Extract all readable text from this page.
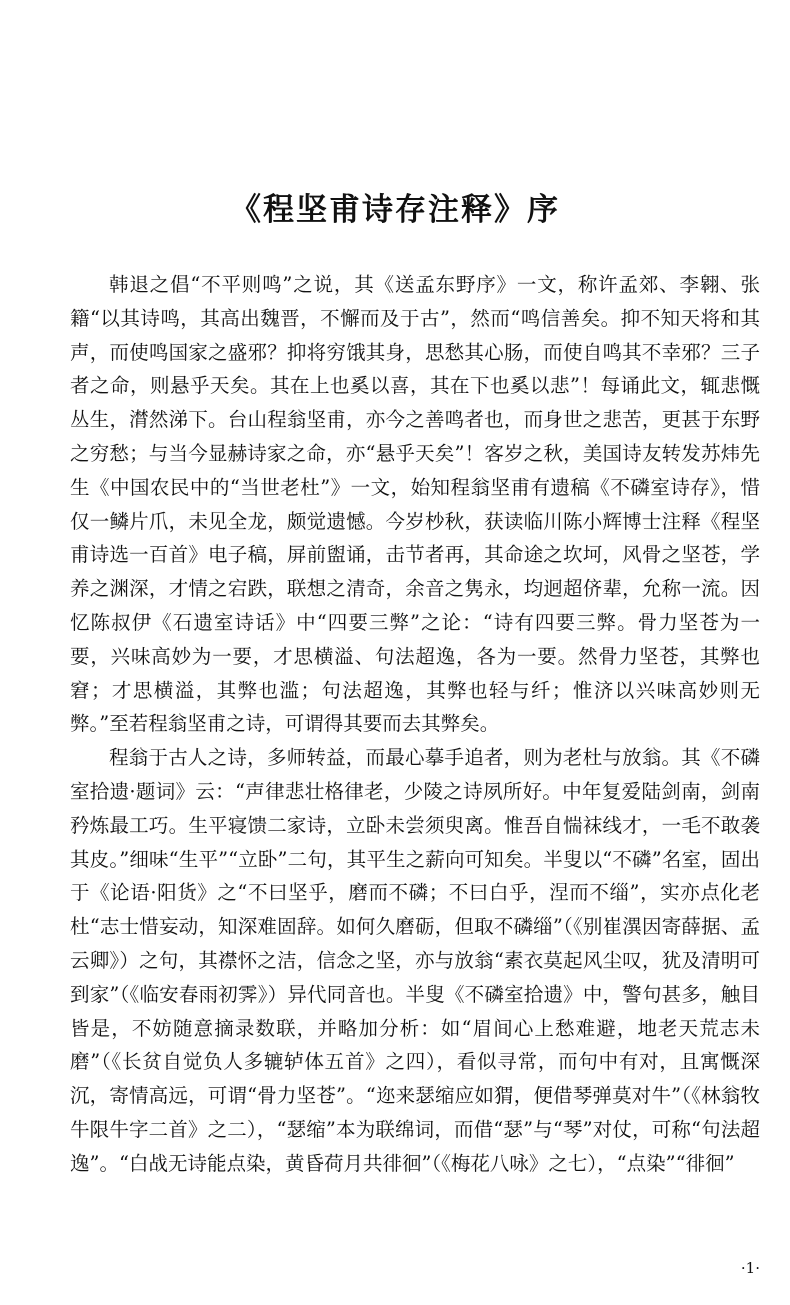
《程坚甫诗存注释》序

韩退之倡“不平则鸣”之说，其《送孟东野序》一文，称许孟郊、李翱、张籍“以其诗鸣，其高出魏晋，不懈而及于古”，然而“鸣信善矣。抑不知天将和其声，而使鸣国家之盛邪？抑将穷饿其身，思愁其心肠，而使自鸣其不幸邪？三子者之命，则悬乎天矣。其在上也奚以喜，其在下也奚以悲”！每诵此文，辄悲慨丛生，潸然涕下。台山程翁坚甫，亦今之善鸣者也，而身世之悲苦，更甚于东野之穷愁；与当今显赫诗家之命，亦“悬乎天矣”！客岁之秋，美国诗友转发苏炜先生《中国农民中的“当世老杜”》一文，始知程翁坚甫有遗稿《不磷室诗存》，惜仅一鳞片爪，未见全龙，颇觉遗憾。今岁杪秋，获读临川陈小辉博士注释《程坚甫诗选一百首》电子稿，屏前盥诵，击节者再，其命途之坎坷，风骨之坚苍，学养之渊深，才情之宕跌，联想之清奇，余音之隽永，均迥超侪辈，允称一流。因忆陈叔伊《石遗室诗话》中“四要三弊”之论：“诗有四要三弊。骨力坚苍为一要，兴味高妙为一要，才思横溢、句法超逸，各为一要。然骨力坚苍，其弊也窘；才思横溢，其弊也滥；句法超逸，其弊也轻与纤；惟济以兴味高妙则无弊。”至若程翁坚甫之诗，可谓得其要而去其弊矣。

程翁于古人之诗，多师转益，而最心摹手追者，则为老杜与放翁。其《不磷室拾遗·题词》云：“声律悲壮格律老，少陵之诗夙所好。中年复爱陆剑南，剑南矜炼最工巧。生平寝馈二家诗，立卧未尝须臾离。惟吾自惴袜线才，一毛不敢袭其皮。”细味“生平”“立卧”二句，其平生之薪向可知矣。半叟以“不磷”名室，固出于《论语·阳货》之“不曰坚乎，磨而不磷；不曰白乎，涅而不缁”，实亦点化老杜“志士惜妄动，知深难固辞。如何久磨砺，但取不磷缁”（《别崔潩因寄薛据、孟云卿》）之句，其襟怀之洁，信念之坚，亦与放翁“素衣莫起风尘叹，犹及清明可到家”（《临安春雨初霁》）异代同音也。半叟《不磷室拾遗》中，警句甚多，触目皆是，不妨随意摘录数联，并略加分析：如“眉间心上愁难避，地老天荒志未磨”（《长贫自觉负人多辘轳体五首》之四），看似寻常，而句中有对，且寓慨深沉，寄情高远，可谓“骨力坚苍”。“迩来瑟缩应如猬，便借琴弹莫对牛”（《林翁牧牛限牛字二首》之二），“瑟缩”本为联绵词，而借“瑟”与“琴”对仗，可称“句法超逸”。“白战无诗能点染，黄昏荷月共徘徊”（《梅花八咏》之七），“点染”“徘徊”

·1·
